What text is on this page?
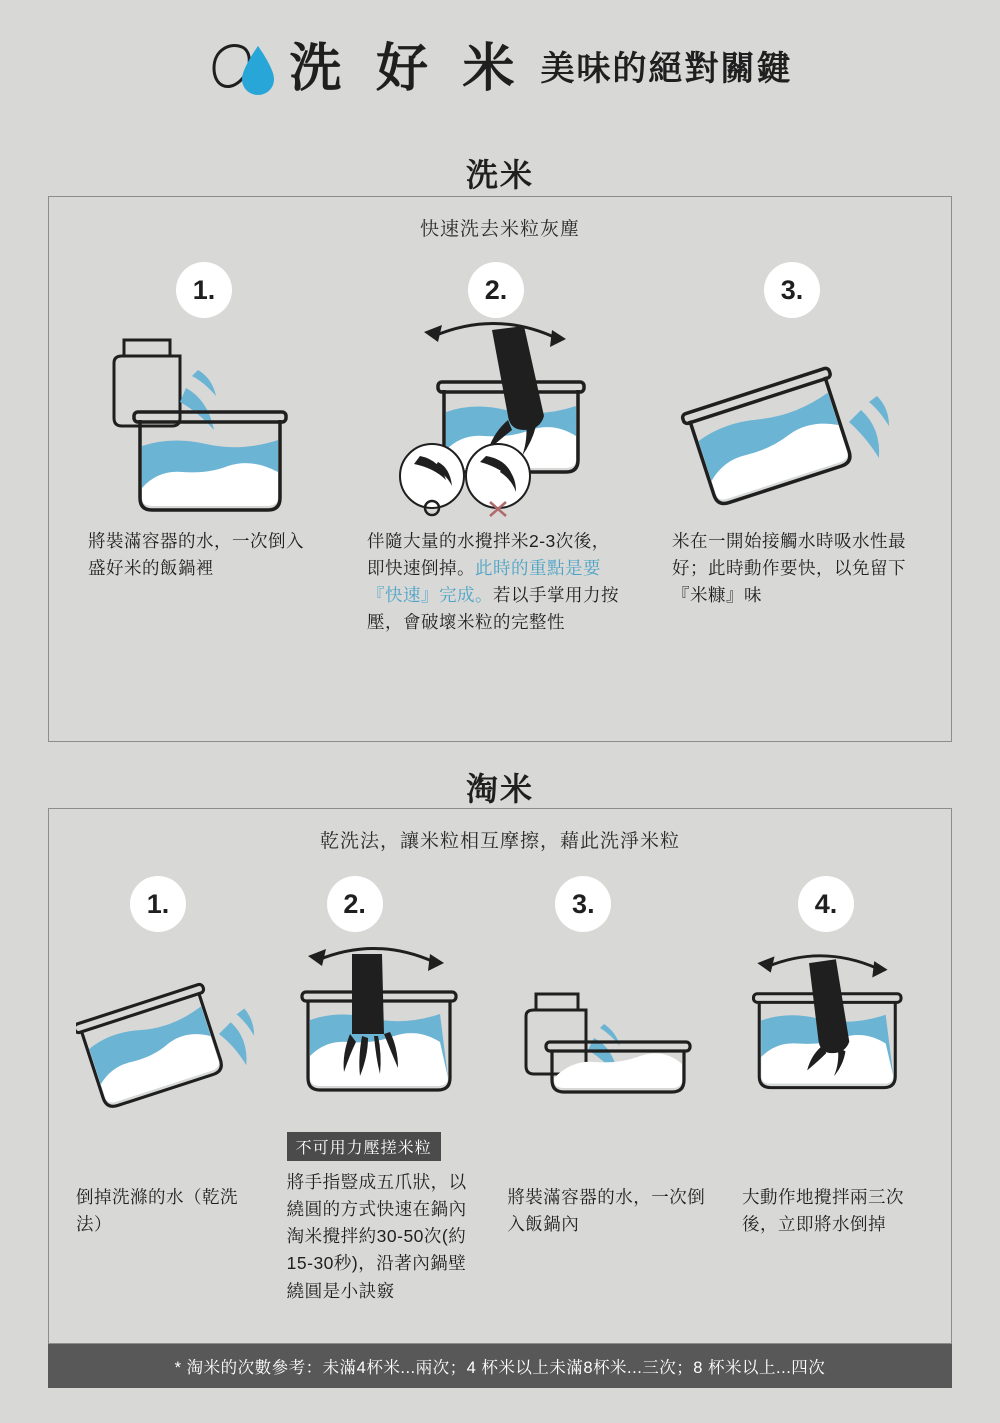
洗 好 米 美味的絕對關鍵
洗米
快速洗去米粒灰塵
1.
將裝滿容器的水，一次倒入盛好米的飯鍋裡
2.
伴隨大量的水攪拌米2-3次後，即快速倒掉。此時的重點是要『快速』完成。若以手掌用力按壓，會破壞米粒的完整性
3.
米在一開始接觸水時吸水性最好；此時動作要快，以免留下『米糠』味
淘米
乾洗法，讓米粒相互摩擦，藉此洗淨米粒
1.
倒掉洗滌的水（乾洗法）
2.
不可用力壓搓米粒
將手指豎成五爪狀，以繞圓的方式快速在鍋內淘米攪拌約30-50次(約15-30秒)，沿著內鍋壁繞圓是小訣竅
3.
將裝滿容器的水，一次倒入飯鍋內
4.
大動作地攪拌兩三次後，立即將水倒掉
* 淘米的次數參考：未滿4杯米...兩次；4 杯米以上未滿8杯米...三次；8 杯米以上...四次
